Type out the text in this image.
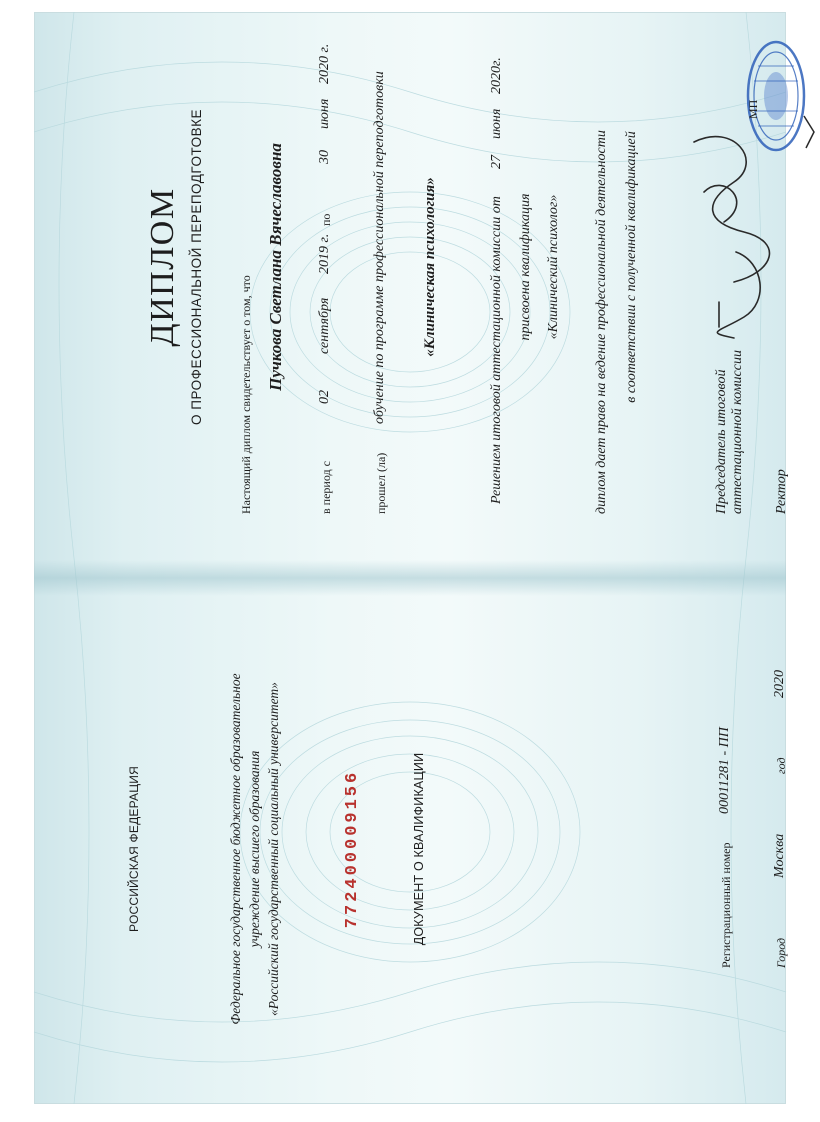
РОССИЙСКАЯ ФЕДЕРАЦИЯ	Федеральное государственное бюджетное образовательное учреждение высшего образования «Российский государственный социальный университет»	772400009156	ДОКУМЕНТ О КВАЛИФИКАЦИИ	Регистрационный номер
00011281 - ПП
Город
Москва
год
2020
ДИПЛОМ О ПРОФЕССИОНАЛЬНОЙ ПЕРЕПОДГОТОВКЕ	Настоящий диплом свидетельствует о том, что
Пучкова Светлана Вячеславовна
в период с
02
сентября
2019 г.
по
30
июня
2020 г.
прошел (ла)
обучение по программе профессиональной переподготовки «Клиническая психология»	Решением итоговой аттестационной комиссии от
27
июня
2020г.
присвоена квалификация «Клинический психолог» диплом дает право на ведение профессиональной деятельности в соответствии с полученной квалификацией
Председатель итоговой аттестационной комиссии Ректор
МП
